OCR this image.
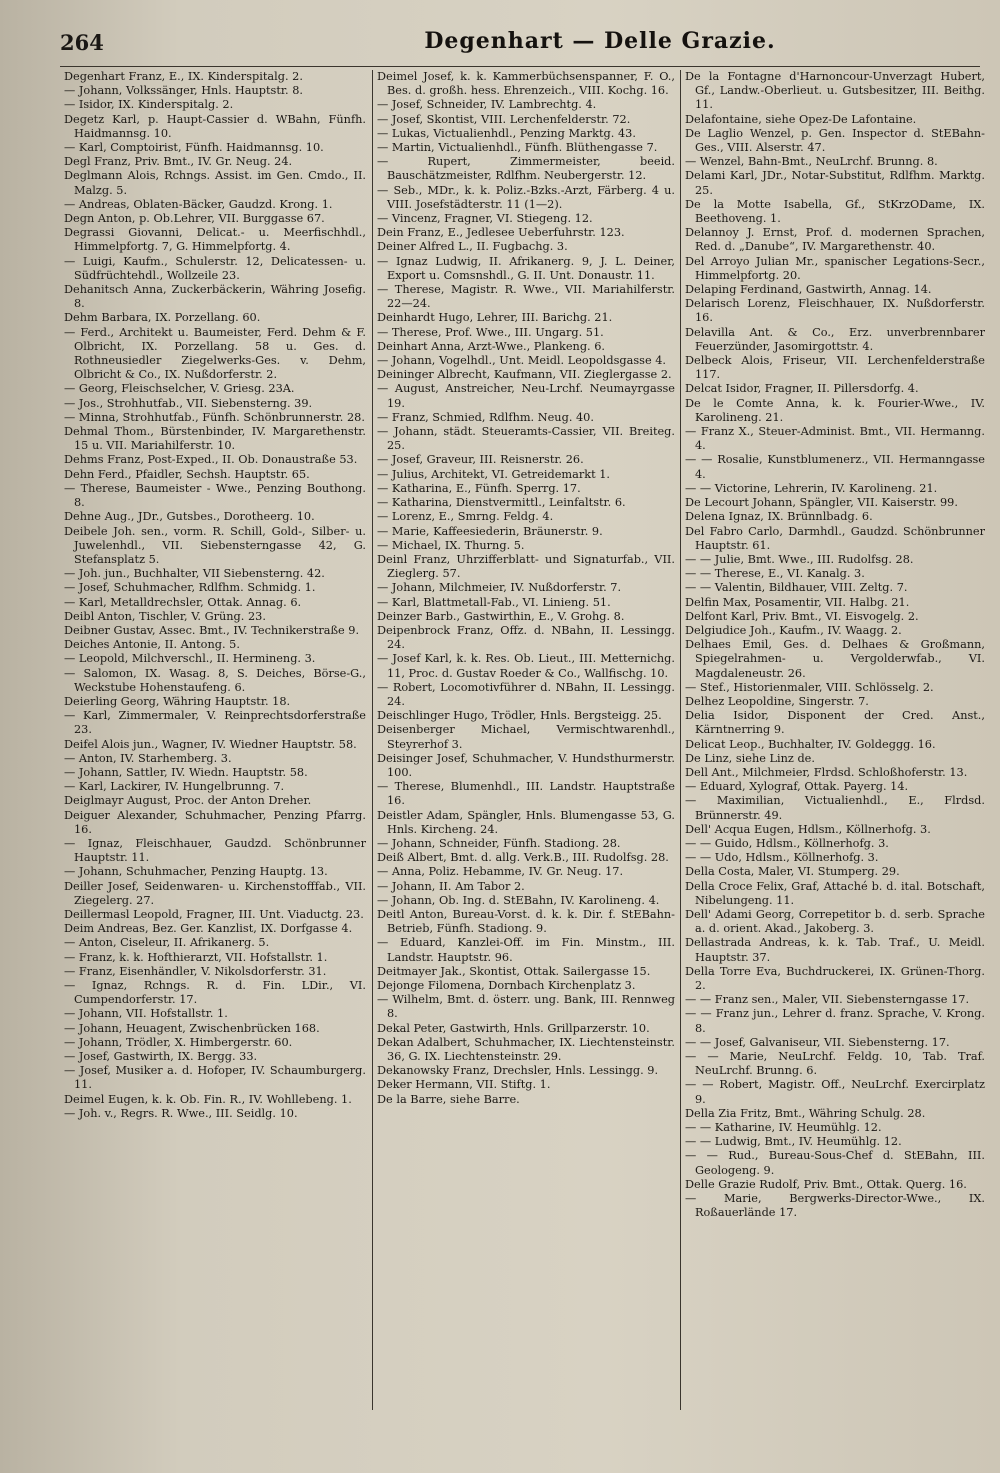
264	Degenhart — Delle Grazie.

Degenhart Franz, E., IX. Kinderspitalg. 2.

— Johann, Volkssänger, Hnls. Hauptstr. 8.

— Isidor, IX. Kinderspitalg. 2.

Degetz Karl, p. Haupt-Cassier d. WBahn, Fünfh. Haidmannsg. 10.

— Karl, Comptoirist, Fünfh. Haidmannsg. 10.

Degl Franz, Priv. Bmt., IV. Gr. Neug. 24.

Deglmann Alois, Rchngs. Assist. im Gen. Cmdo., II. Malzg. 5.

— Andreas, Oblaten-Bäcker, Gaudzd. Krong. 1.

Degn Anton, p. Ob.Lehrer, VII. Burggasse 67.

Degrassi Giovanni, Delicat.- u. Meerfischhdl., Himmelpfortg. 7, G. Himmelpfortg. 4.

— Luigi, Kaufm., Schulerstr. 12, Delicatessen- u. Südfrüchtehdl., Wollzeile 23.

Dehanitsch Anna, Zuckerbäckerin, Währing Josefig. 8.

Dehm Barbara, IX. Porzellang. 60.

— Ferd., Architekt u. Baumeister, Ferd. Dehm & F. Olbricht, IX. Porzellang. 58 u. Ges. d. Rothneusiedler Ziegelwerks-Ges. v. Dehm, Olbricht & Co., IX. Nußdorferstr. 2.

— Georg, Fleischselcher, V. Griesg. 23A.

— Jos., Strohhutfab., VII. Siebensterng. 39.

— Minna, Strohhutfab., Fünfh. Schönbrunnerstr. 28.

Dehmal Thom., Bürstenbinder, IV. Margarethenstr. 15 u. VII. Mariahilferstr. 10.

Dehms Franz, Post-Exped., II. Ob. Donaustraße 53.

Dehn Ferd., Pfaidler, Sechsh. Hauptstr. 65.

— Therese, Baumeister - Wwe., Penzing Bouthong. 8.

Dehne Aug., JDr., Gutsbes., Dorotheerg. 10.

Deibele Joh. sen., vorm. R. Schill, Gold-, Silber- u. Juwelenhdl., VII. Siebensterngasse 42, G. Stefansplatz 5.

— Joh. jun., Buchhalter, VII Siebensterng. 42.

— Josef, Schuhmacher, Rdlfhm. Schmidg. 1.

— Karl, Metalldrechsler, Ottak. Annag. 6.

Deibl Anton, Tischler, V. Grüng. 23.

Deibner Gustav, Assec. Bmt., IV. Technikerstraße 9.

Deiches Antonie, II. Antong. 5.

— Leopold, Milchverschl., II. Hermineng. 3.

— Salomon, IX. Wasag. 8, S. Deiches, Börse-G., Weckstube Hohenstaufeng. 6.

Deierling Georg, Währing Hauptstr. 18.

— Karl, Zimmermaler, V. Reinprechtsdorferstraße 23.

Deifel Alois jun., Wagner, IV. Wiedner Hauptstr. 58.

— Anton, IV. Starhemberg. 3.

— Johann, Sattler, IV. Wiedn. Hauptstr. 58.

— Karl, Lackirer, IV. Hungelbrunng. 7.

Deiglmayr August, Proc. der Anton Dreher.

Deiguer Alexander, Schuhmacher, Penzing Pfarrg. 16.

— Ignaz, Fleischhauer, Gaudzd. Schönbrunner Hauptstr. 11.

— Johann, Schuhmacher, Penzing Hauptg. 13.

Deiller Josef, Seidenwaren- u. Kirchenstofffab., VII. Ziegelerg. 27.

Deillermasl Leopold, Fragner, III. Unt. Viaductg. 23.

Deim Andreas, Bez. Ger. Kanzlist, IX. Dorfgasse 4.

— Anton, Ciseleur, II. Afrikanerg. 5.

— Franz, k. k. Hofthierarzt, VII. Hofstallstr. 1.

— Franz, Eisenhändler, V. Nikolsdorferstr. 31.

— Ignaz, Rchngs. R. d. Fin. LDir., VI. Cumpendorferstr. 17.

— Johann, VII. Hofstallstr. 1.

— Johann, Heuagent, Zwischenbrücken 168.

— Johann, Trödler, X. Himbergerstr. 60.

— Josef, Gastwirth, IX. Bergg. 33.

— Josef, Musiker a. d. Hofoper, IV. Schaumburgerg. 11.

Deimel Eugen, k. k. Ob. Fin. R., IV. Wohllebeng. 1.

— Joh. v., Regrs. R. Wwe., III. Seidlg. 10.

Deimel Josef, k. k. Kammerbüchsenspanner, F. O., Bes. d. großh. hess. Ehrenzeich., VIII. Kochg. 16.

— Josef, Schneider, IV. Lambrechtg. 4.

— Josef, Skontist, VIII. Lerchenfelderstr. 72.

— Lukas, Victualienhdl., Penzing Marktg. 43.

— Martin, Victualienhdl., Fünfh. Blüthengasse 7.

— Rupert, Zimmermeister, beeid. Bauschätzmeister, Rdlfhm. Neubergerstr. 12.

— Seb., MDr., k. k. Poliz.-Bzks.-Arzt, Färberg. 4 u. VIII. Josefstädterstr. 11 (1—2).

— Vincenz, Fragner, VI. Stiegeng. 12.

Dein Franz, E., Jedlesee Ueberfuhrstr. 123.

Deiner Alfred L., II. Fugbachg. 3.

— Ignaz Ludwig, II. Afrikanerg. 9, J. L. Deiner, Export u. Comsnshdl., G. II. Unt. Donaustr. 11.

— Therese, Magistr. R. Wwe., VII. Mariahilferstr. 22—24.

Deinhardt Hugo, Lehrer, III. Barichg. 21.

— Therese, Prof. Wwe., III. Ungarg. 51.

Deinhart Anna, Arzt-Wwe., Plankeng. 6.

— Johann, Vogelhdl., Unt. Meidl. Leopoldsgasse 4.

Deininger Albrecht, Kaufmann, VII. Zieglergasse 2.

— August, Anstreicher, Neu-Lrchf. Neumayrgasse 19.

— Franz, Schmied, Rdlfhm. Neug. 40.

— Johann, städt. Steueramts-Cassier, VII. Breiteg. 25.

— Josef, Graveur, III. Reisnerstr. 26.

— Julius, Architekt, VI. Getreidemarkt 1.

— Katharina, E., Fünfh. Sperrg. 17.

— Katharina, Dienstvermittl., Leinfaltstr. 6.

— Lorenz, E., Smrng. Feldg. 4.

— Marie, Kaffeesiederin, Bräunerstr. 9.

— Michael, IX. Thurng. 5.

Deinl Franz, Uhrzifferblatt- und Signaturfab., VII. Zieglerg. 57.

— Johann, Milchmeier, IV. Nußdorferstr. 7.

— Karl, Blattmetall-Fab., VI. Linieng. 51.

Deinzer Barb., Gastwirthin, E., V. Grohg. 8.

Deipenbrock Franz, Offz. d. NBahn, II. Lessingg. 24.

— Josef Karl, k. k. Res. Ob. Lieut., III. Metternichg. 11, Proc. d. Gustav Roeder & Co., Wallfischg. 10.

— Robert, Locomotivführer d. NBahn, II. Lessingg. 24.

Deischlinger Hugo, Trödler, Hnls. Bergsteigg. 25.

Deisenberger Michael, Vermischtwarenhdl., Steyrerhof 3.

Deisinger Josef, Schuhmacher, V. Hundsthurmerstr. 100.

— Therese, Blumenhdl., III. Landstr. Hauptstraße 16.

Deistler Adam, Spängler, Hnls. Blumengasse 53, G. Hnls. Kircheng. 24.

— Johann, Schneider, Fünfh. Stadiong. 28.

Deiß Albert, Bmt. d. allg. Verk.B., III. Rudolfsg. 28.

— Anna, Poliz. Hebamme, IV. Gr. Neug. 17.

— Johann, II. Am Tabor 2.

— Johann, Ob. Ing. d. StEBahn, IV. Karolineng. 4.

Deitl Anton, Bureau-Vorst. d. k. k. Dir. f. StEBahn-Betrieb, Fünfh. Stadiong. 9.

— Eduard, Kanzlei-Off. im Fin. Minstm., III. Landstr. Hauptstr. 96.

Deitmayer Jak., Skontist, Ottak. Sailergasse 15.

Dejonge Filomena, Dornbach Kirchenplatz 3.

— Wilhelm, Bmt. d. österr. ung. Bank, III. Rennweg 8.

Dekal Peter, Gastwirth, Hnls. Grillparzerstr. 10.

Dekan Adalbert, Schuhmacher, IX. Liechtensteinstr. 36, G. IX. Liechtensteinstr. 29.

Dekanowsky Franz, Drechsler, Hnls. Lessingg. 9.

Deker Hermann, VII. Stiftg. 1.

De la Barre, siehe Barre.

De la Fontagne d'Harnoncour-Unverzagt Hubert, Gf., Landw.-Oberlieut. u. Gutsbesitzer, III. Beithg. 11.

Delafontaine, siehe Opez-De Lafontaine.

De Laglio Wenzel, p. Gen. Inspector d. StEBahn-Ges., VIII. Alserstr. 47.

— Wenzel, Bahn-Bmt., NeuLrchf. Brunng. 8.

Delami Karl, JDr., Notar-Substitut, Rdlfhm. Marktg. 25.

De la Motte Isabella, Gf., StKrzODame, IX. Beethoveng. 1.

Delannoy J. Ernst, Prof. d. modernen Sprachen, Red. d. „Danube“, IV. Margarethenstr. 40.

Del Arroyo Julian Mr., spanischer Legations-Secr., Himmelpfortg. 20.

Delaping Ferdinand, Gastwirth, Annag. 14.

Delarisch Lorenz, Fleischhauer, IX. Nußdorferstr. 16.

Delavilla Ant. & Co., Erz. unverbrennbarer Feuerzünder, Jasomirgottstr. 4.

Delbeck Alois, Friseur, VII. Lerchenfelderstraße 117.

Delcat Isidor, Fragner, II. Pillersdorfg. 4.

De le Comte Anna, k. k. Fourier-Wwe., IV. Karolineng. 21.

— Franz X., Steuer-Administ. Bmt., VII. Hermanng. 4.

— — Rosalie, Kunstblumenerz., VII. Hermanngasse 4.

— — Victorine, Lehrerin, IV. Karolineng. 21.

De Lecourt Johann, Spängler, VII. Kaiserstr. 99.

Delena Ignaz, IX. Brünnlbadg. 6.

Del Fabro Carlo, Darmhdl., Gaudzd. Schönbrunner Hauptstr. 61.

— — Julie, Bmt. Wwe., III. Rudolfsg. 28.

— — Therese, E., VI. Kanalg. 3.

— — Valentin, Bildhauer, VIII. Zeltg. 7.

Delfin Max, Posamentir, VII. Halbg. 21.

Delfont Karl, Priv. Bmt., VI. Eisvogelg. 2.

Delgiudice Joh., Kaufm., IV. Waagg. 2.

Delhaes Emil, Ges. d. Delhaes & Großmann, Spiegelrahmen- u. Vergolderwfab., VI. Magdaleneustr. 26.

— Stef., Historienmaler, VIII. Schlösselg. 2.

Delhez Leopoldine, Singerstr. 7.

Delia Isidor, Disponent der Cred. Anst., Kärntnerring 9.

Delicat Leop., Buchhalter, IV. Goldeggg. 16.

De Linz, siehe Linz de.

Dell Ant., Milchmeier, Flrdsd. Schloßhoferstr. 13.

— Eduard, Xylograf, Ottak. Payerg. 14.

— Maximilian, Victualienhdl., E., Flrdsd. Brünnerstr. 49.

Dell' Acqua Eugen, Hdlsm., Köllnerhofg. 3.

— — Guido, Hdlsm., Köllnerhofg. 3.

— — Udo, Hdlsm., Köllnerhofg. 3.

Della Costa, Maler, VI. Stumperg. 29.

Della Croce Felix, Graf, Attaché b. d. ital. Botschaft, Nibelungeng. 11.

Dell' Adami Georg, Correpetitor b. d. serb. Sprache a. d. orient. Akad., Jakoberg. 3.

Dellastrada Andreas, k. k. Tab. Traf., U. Meidl. Hauptstr. 37.

Della Torre Eva, Buchdruckerei, IX. Grünen-Thorg. 2.

— — Franz sen., Maler, VII. Siebensterngasse 17.

— — Franz jun., Lehrer d. franz. Sprache, V. Krong. 8.

— — Josef, Galvaniseur, VII. Siebensterng. 17.

— — Marie, NeuLrchf. Feldg. 10, Tab. Traf. NeuLrchf. Brunng. 6.

— — Robert, Magistr. Off., NeuLrchf. Exercirplatz 9.

Della Zia Fritz, Bmt., Währing Schulg. 28.

— — Katharine, IV. Heumühlg. 12.

— — Ludwig, Bmt., IV. Heumühlg. 12.

— — Rud., Bureau-Sous-Chef d. StEBahn, III. Geologeng. 9.

Delle Grazie Rudolf, Priv. Bmt., Ottak. Querg. 16.

— Marie, Bergwerks-Director-Wwe., IX. Roßauerlände 17.
